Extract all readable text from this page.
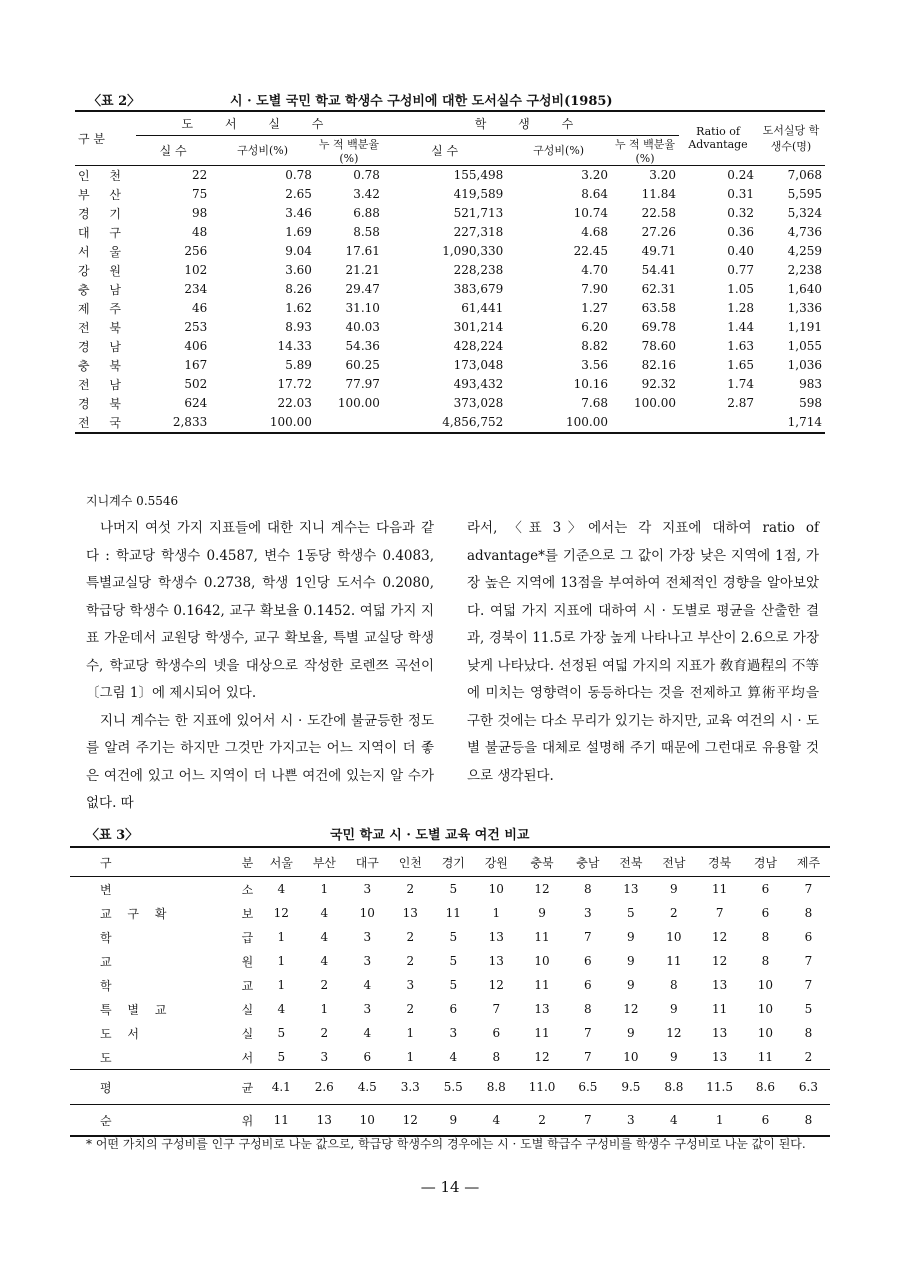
〈표 2〉	시 · 도별 국민 학교 학생수 구성비에 대한 도서실수 구성비(1985)
구 분	도 서 실 수			학 생 수			Ratio of Advantage	도서실당 학생수(명)
	실 수	구성비(%)	누 적 백분율(%)	실 수	구성비(%)	누 적 백분율(%)		
인 천	22	0.78	0.78	155,498	3.20	3.20	0.24	7,068
부 산	75	2.65	3.42	419,589	8.64	11.84	0.31	5,595
경 기	98	3.46	6.88	521,713	10.74	22.58	0.32	5,324
대 구	48	1.69	8.58	227,318	4.68	27.26	0.36	4,736
서 울	256	9.04	17.61	1,090,330	22.45	49.71	0.40	4,259
강 원	102	3.60	21.21	228,238	4.70	54.41	0.77	2,238
충 남	234	8.26	29.47	383,679	7.90	62.31	1.05	1,640
제 주	46	1.62	31.10	61,441	1.27	63.58	1.28	1,336
전 북	253	8.93	40.03	301,214	6.20	69.78	1.44	1,191
경 남	406	14.33	54.36	428,224	8.82	78.60	1.63	1,055
충 북	167	5.89	60.25	173,048	3.56	82.16	1.65	1,036
전 남	502	17.72	77.97	493,432	10.16	92.32	1.74	983
경 북	624	22.03	100.00	373,028	7.68	100.00	2.87	598
전 국	2,833	100.00		4,856,752	100.00			1,714
지니계수 0.5546

나머지 여섯 가지 지표들에 대한 지니 계수는 다음과 같다 : 학교당 학생수 0.4587, 변수 1동당 학생수 0.4083, 특별교실당 학생수 0.2738, 학생 1인당 도서수 0.2080, 학급당 학생수 0.1642, 교구 확보율 0.1452. 여덟 가지 지표 가운데서 교원당 학생수, 교구 확보율, 특별 교실당 학생수, 학교당 학생수의 넷을 대상으로 작성한 로렌쯔 곡선이 〔그림 1〕에 제시되어 있다.

지니 계수는 한 지표에 있어서 시 · 도간에 불균등한 정도를 알려 주기는 하지만 그것만 가지고는 어느 지역이 더 좋은 여건에 있고 어느 지역이 더 나쁜 여건에 있는지 알 수가 없다. 따

라서, 〈표 3〉에서는 각 지표에 대하여 ratio of advantage*를 기준으로 그 값이 가장 낮은 지역에 1점, 가장 높은 지역에 13점을 부여하여 전체적인 경향을 알아보았다. 여덟 가지 지표에 대하여 시 · 도별로 평균을 산출한 결과, 경북이 11.5로 가장 높게 나타나고 부산이 2.6으로 가장 낮게 나타났다. 선정된 여덟 가지의 지표가 敎育過程의 不等에 미치는 영향력이 동등하다는 것을 전제하고 算術平均을 구한 것에는 다소 무리가 있기는 하지만, 교육 여건의 시 · 도별 불균등을 대체로 설명해 주기 때문에 그런대로 유용할 것으로 생각된다.

〈표 3〉	국민 학교 시 · 도별 교육 여건 비교
구	분	서울	부산	대구	인천	경기	강원	충북	충남	전북	전남	경북	경남	제주
변	소	4	1	3	2	5	10	12	8	13	9	11	6	7
교 구 확	보	12	4	10	13	11	1	9	3	5	2	7	6	8
학	급	1	4	3	2	5	13	11	7	9	10	12	8	6
교	원	1	4	3	2	5	13	10	6	9	11	12	8	7
학	교	1	2	4	3	5	12	11	6	9	8	13	10	7
특 별 교	실	4	1	3	2	6	7	13	8	12	9	11	10	5
도 서	실	5	2	4	1	3	6	11	7	9	12	13	10	8
도	서	5	3	6	1	4	8	12	7	10	9	13	11	2
평	균	4.1	2.6	4.5	3.3	5.5	8.8	11.0	6.5	9.5	8.8	11.5	8.6	6.3
순	위	11	13	10	12	9	4	2	7	3	4	1	6	8
* 어떤 가치의 구성비를 인구 구성비로 나눈 값으로, 학급당 학생수의 경우에는 시 · 도별 학급수 구성비를 학생수 구성비로 나눈 값이 된다.
— 14 —
